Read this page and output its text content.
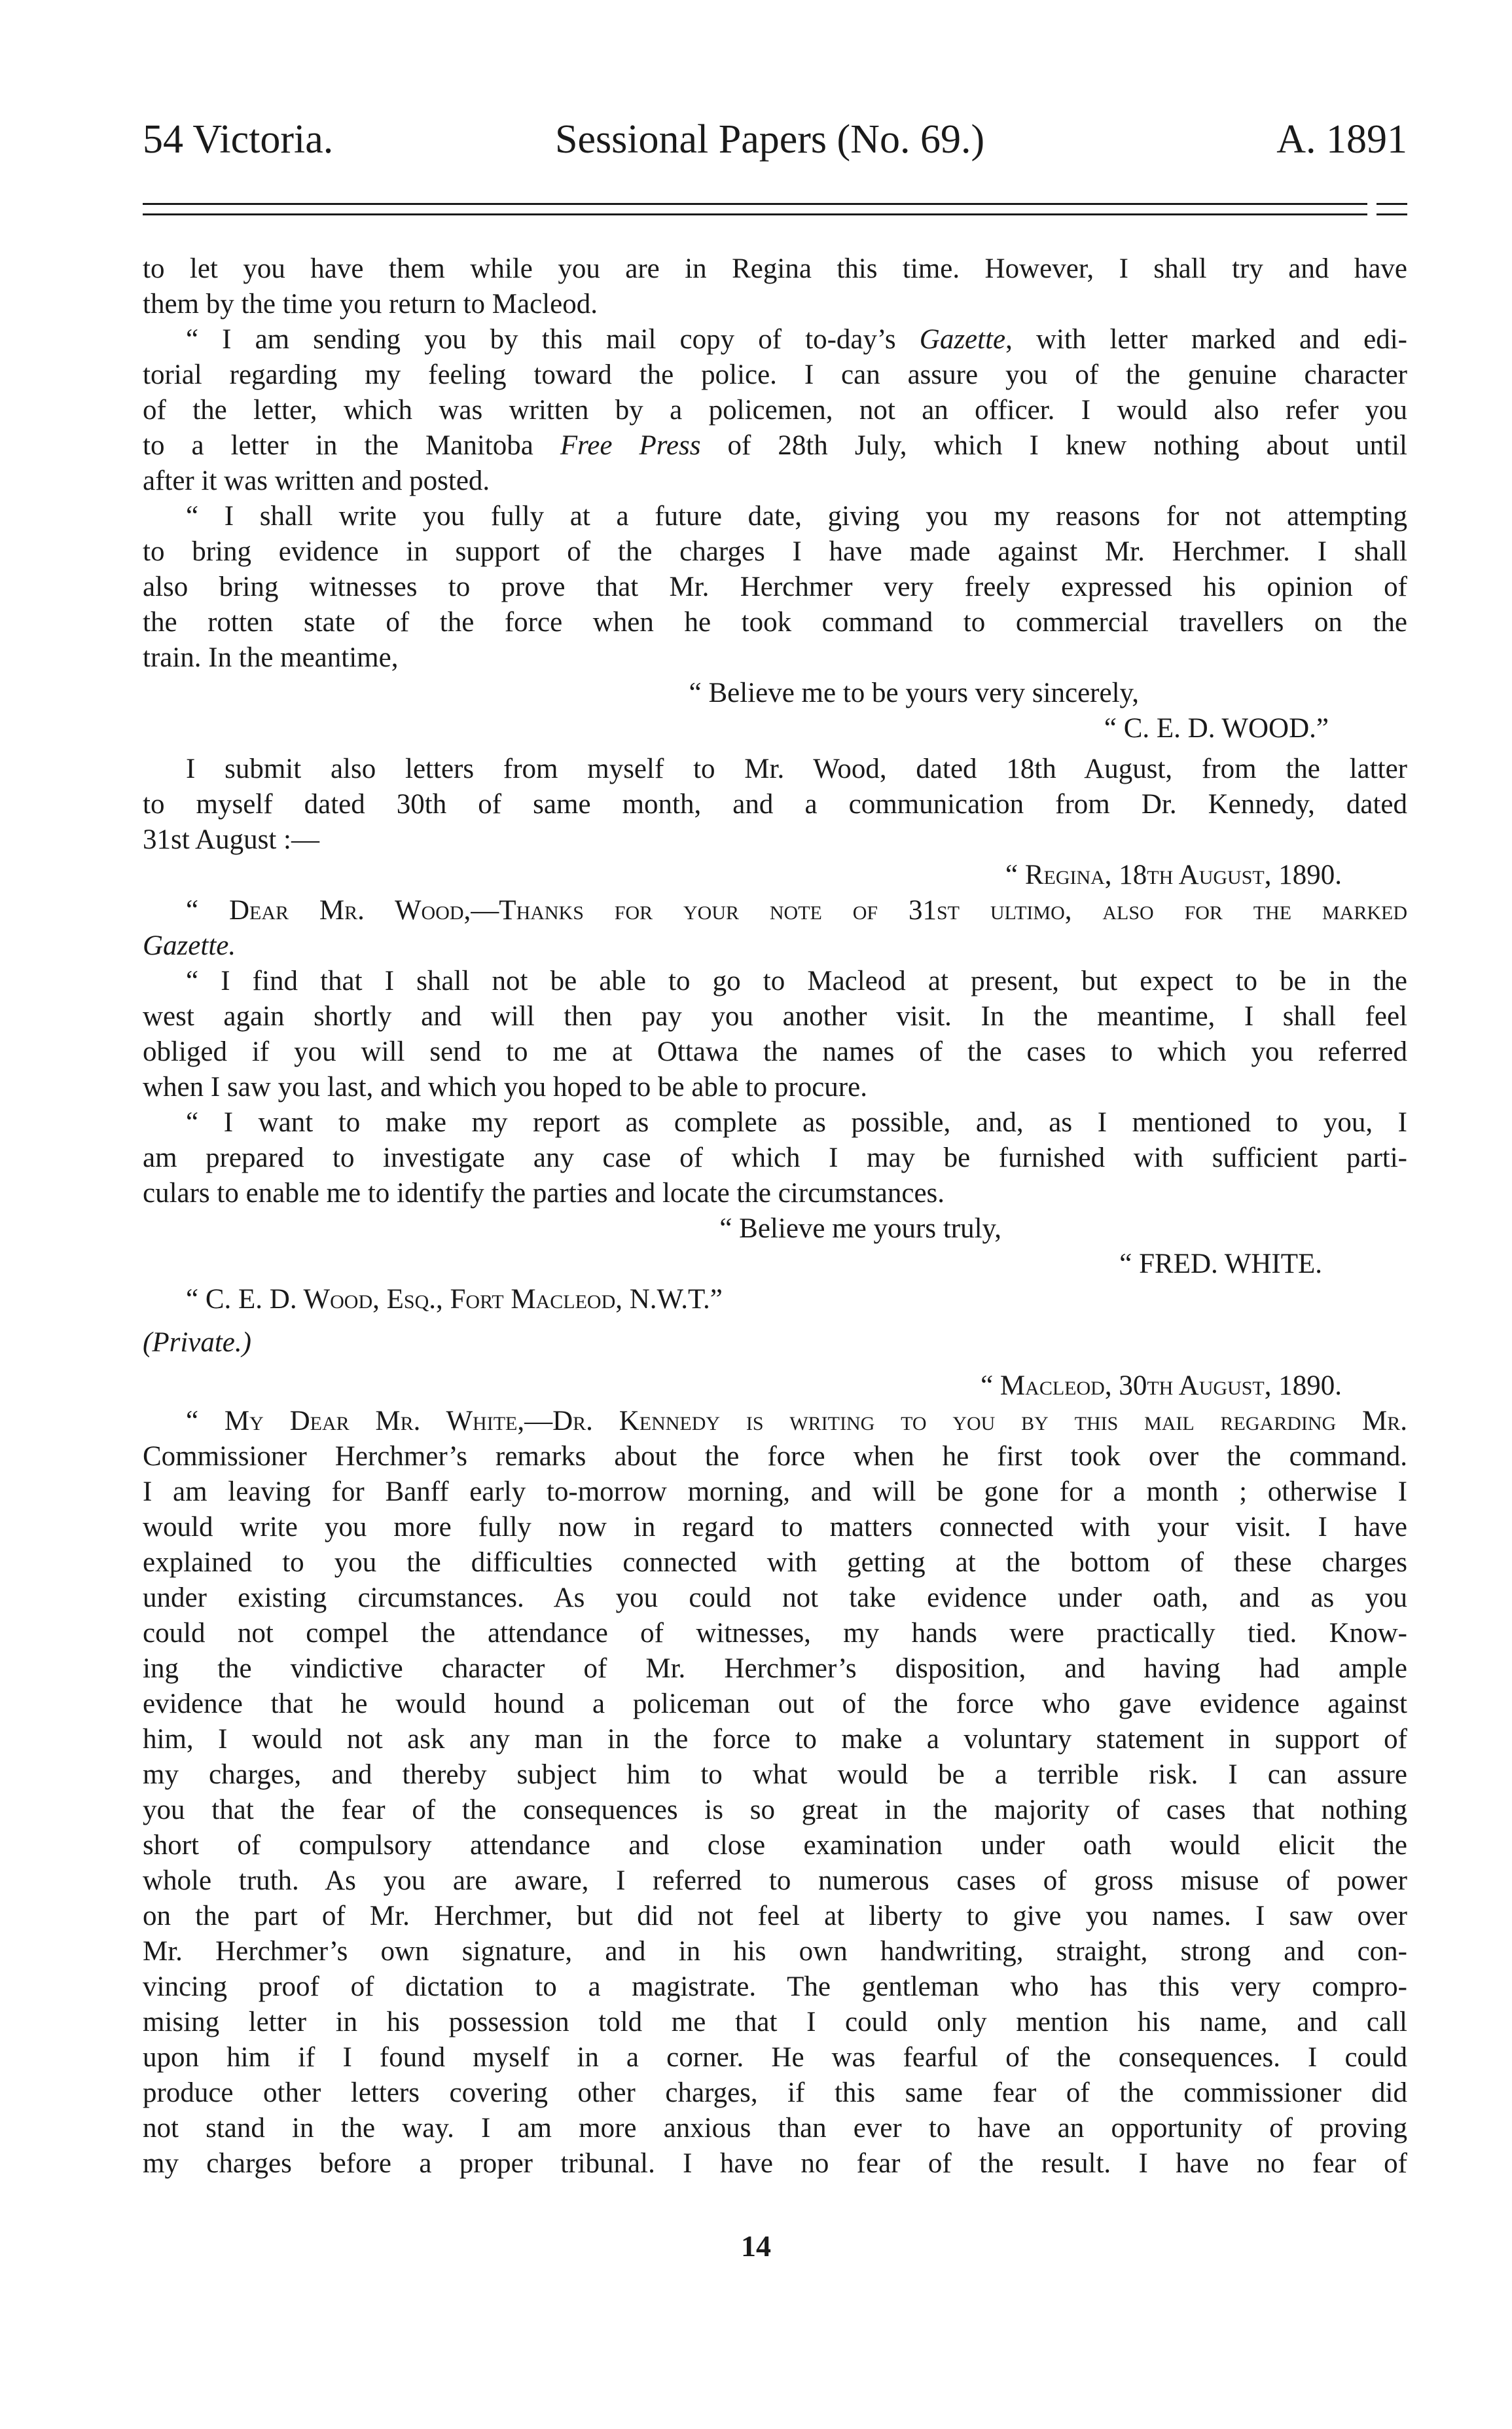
54 Victoria.	Sessional Papers (No. 69.)	A. 1891
to let you have them while you are in Regina this time. However, I shall try and have
them by the time you return to Macleod.
“ I am sending you by this mail copy of to-day’s Gazette, with letter marked and edi-
torial regarding my feeling toward the police. I can assure you of the genuine character
of the letter, which was written by a policemen, not an officer. I would also refer you
to a letter in the Manitoba Free Press of 28th July, which I knew nothing about until
after it was written and posted.
“ I shall write you fully at a future date, giving you my reasons for not attempting
to bring evidence in support of the charges I have made against Mr. Herchmer. I shall
also bring witnesses to prove that Mr. Herchmer very freely expressed his opinion of
the rotten state of the force when he took command to commercial travellers on the
train. In the meantime,
“ Believe me to be yours very sincerely,
“ C. E. D. WOOD.”
I submit also letters from myself to Mr. Wood, dated 18th August, from the latter
to myself dated 30th of same month, and a communication from Dr. Kennedy, dated
31st August :—
“ Regina, 18th August, 1890.
“ Dear Mr. Wood,—Thanks for your note of 31st ultimo, also for the marked
Gazette.
“ I find that I shall not be able to go to Macleod at present, but expect to be in the
west again shortly and will then pay you another visit. In the meantime, I shall feel
obliged if you will send to me at Ottawa the names of the cases to which you referred
when I saw you last, and which you hoped to be able to procure.
“ I want to make my report as complete as possible, and, as I mentioned to you, I
am prepared to investigate any case of which I may be furnished with sufficient parti-
culars to enable me to identify the parties and locate the circumstances.
“ Believe me yours truly,
“ FRED. WHITE.
“ C. E. D. Wood, Esq., Fort Macleod, N.W.T.”
(Private.)
“ Macleod, 30th August, 1890.
“ My Dear Mr. White,—Dr. Kennedy is writing to you by this mail regarding Mr.
Commissioner Herchmer’s remarks about the force when he first took over the command.
I am leaving for Banff early to-morrow morning, and will be gone for a month ; otherwise I
would write you more fully now in regard to matters connected with your visit. I have
explained to you the difficulties connected with getting at the bottom of these charges
under existing circumstances. As you could not take evidence under oath, and as you
could not compel the attendance of witnesses, my hands were practically tied. Know-
ing the vindictive character of Mr. Herchmer’s disposition, and having had ample
evidence that he would hound a policeman out of the force who gave evidence against
him, I would not ask any man in the force to make a voluntary statement in support of
my charges, and thereby subject him to what would be a terrible risk. I can assure
you that the fear of the consequences is so great in the majority of cases that nothing
short of compulsory attendance and close examination under oath would elicit the
whole truth. As you are aware, I referred to numerous cases of gross misuse of power
on the part of Mr. Herchmer, but did not feel at liberty to give you names. I saw over
Mr. Herchmer’s own signature, and in his own handwriting, straight, strong and con-
vincing proof of dictation to a magistrate. The gentleman who has this very compro-
mising letter in his possession told me that I could only mention his name, and call
upon him if I found myself in a corner. He was fearful of the consequences. I could
produce other letters covering other charges, if this same fear of the commissioner did
not stand in the way. I am more anxious than ever to have an opportunity of proving
my charges before a proper tribunal. I have no fear of the result. I have no fear of
14
